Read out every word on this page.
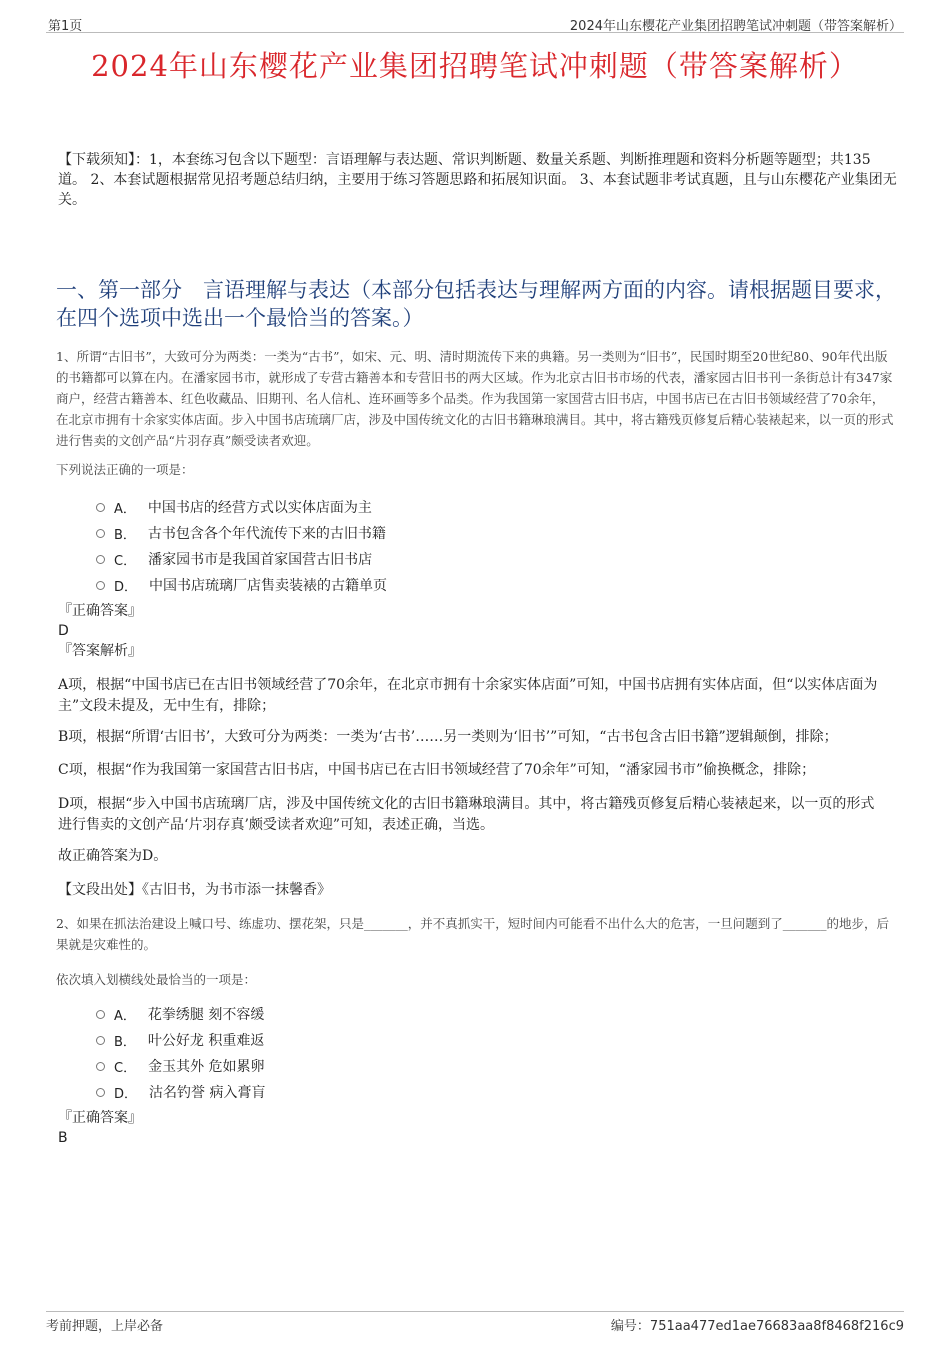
第1页	2024年山东樱花产业集团招聘笔试冲刺题（带答案解析）
2024年山东樱花产业集团招聘笔试冲刺题（带答案解析）
【下载须知】：1，本套练习包含以下题型：言语理解与表达题、常识判断题、数量关系题、判断推理题和资料分析题等题型；共135道。 2、本套试题根据常见招考题总结归纳，主要用于练习答题思路和拓展知识面。 3、本套试题非考试真题，且与山东樱花产业集团无关。
一、第一部分　言语理解与表达（本部分包括表达与理解两方面的内容。请根据题目要求，在四个选项中选出一个最恰当的答案。）
1、所谓“古旧书”，大致可分为两类：一类为“古书”，如宋、元、明、清时期流传下来的典籍。另一类则为“旧书”，民国时期至20世纪80、90年代出版的书籍都可以算在内。在潘家园书市，就形成了专营古籍善本和专营旧书的两大区域。作为北京古旧书市场的代表，潘家园古旧书刊一条街总计有347家商户，经营古籍善本、红色收藏品、旧期刊、名人信札、连环画等多个品类。作为我国第一家国营古旧书店，中国书店已在古旧书领域经营了70余年，在北京市拥有十余家实体店面。步入中国书店琉璃厂店，涉及中国传统文化的古旧书籍琳琅满目。其中，将古籍残页修复后精心装裱起来，以一页的形式进行售卖的文创产品“片羽存真”颇受读者欢迎。
下列说法正确的一项是：
A． 中国书店的经营方式以实体店面为主
B． 古书包含各个年代流传下来的古旧书籍
C． 潘家园书市是我国首家国营古旧书店
D． 中国书店琉璃厂店售卖装裱的古籍单页
『正确答案』
D
『答案解析』
A项，根据“中国书店已在古旧书领域经营了70余年，在北京市拥有十余家实体店面”可知，中国书店拥有实体店面，但“以实体店面为主”文段未提及，无中生有，排除；
B项，根据“所谓‘古旧书’，大致可分为两类：一类为‘古书’……另一类则为‘旧书’”可知，“古书包含古旧书籍”逻辑颠倒，排除；
C项，根据“作为我国第一家国营古旧书店，中国书店已在古旧书领域经营了70余年”可知，“潘家园书市”偷换概念，排除；
D项，根据“步入中国书店琉璃厂店，涉及中国传统文化的古旧书籍琳琅满目。其中，将古籍残页修复后精心装裱起来，以一页的形式进行售卖的文创产品‘片羽存真’颇受读者欢迎”可知，表述正确，当选。
故正确答案为D。
【文段出处】《古旧书，为书市添一抹馨香》
2、如果在抓法治建设上喊口号、练虚功、摆花架，只是_______，并不真抓实干，短时间内可能看不出什么大的危害，一旦问题到了_______的地步，后果就是灾难性的。
依次填入划横线处最恰当的一项是：
A． 花拳绣腿 刻不容缓
B． 叶公好龙 积重难返
C． 金玉其外 危如累卵
D． 沽名钓誉 病入膏肓
『正确答案』
B
考前押题，上岸必备	编号：751aa477ed1ae76683aa8f8468f216c9
